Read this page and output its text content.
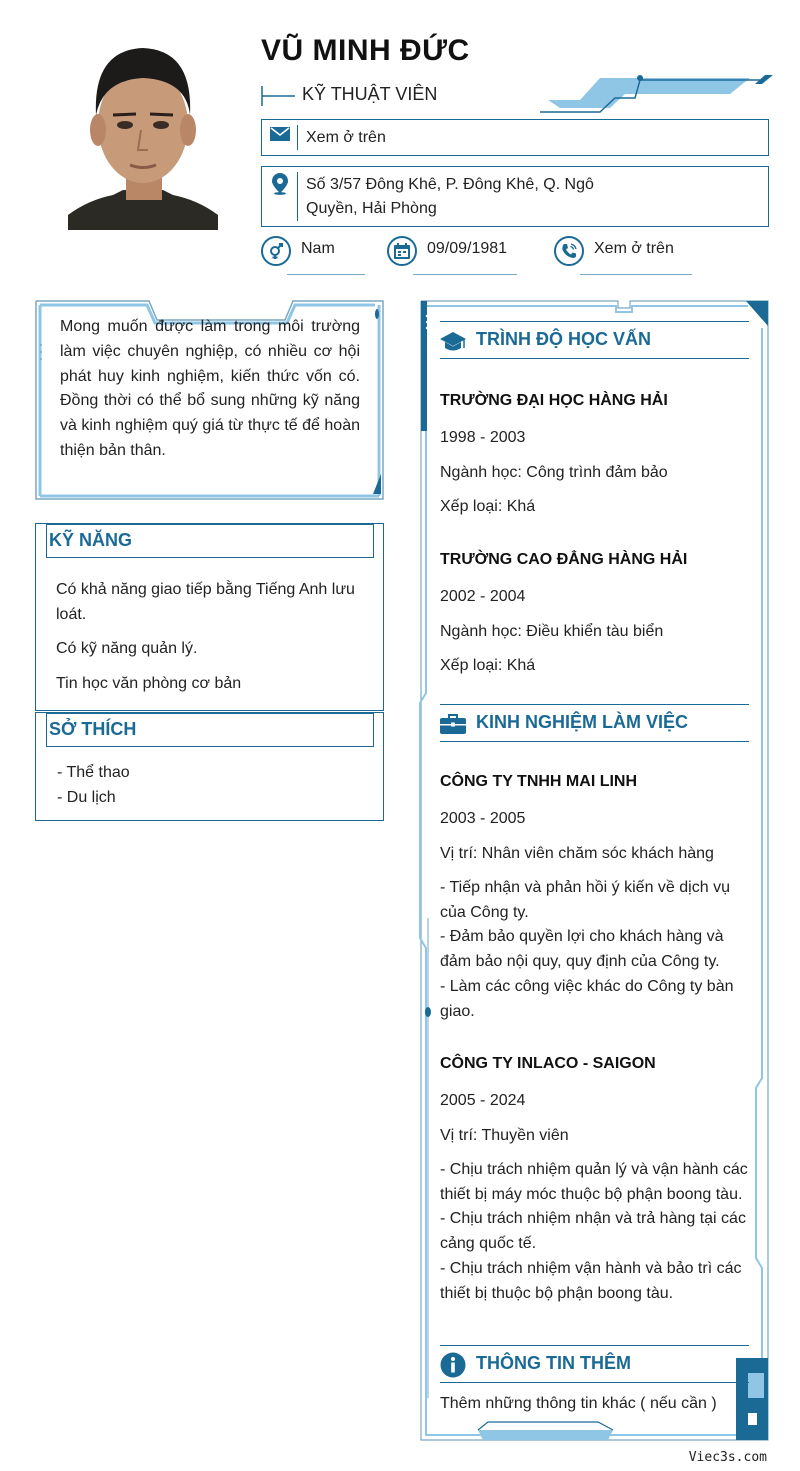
VŨ MINH ĐỨC
KỸ THUẬT VIÊN
Xem ở trên
Số 3/57 Đông Khê, P. Đông Khê, Q. Ngô
Quyền, Hải Phòng
Nam	09/09/1981	Xem ở trên
Mong muốn được làm trong môi trường làm việc chuyên nghiệp, có nhiều cơ hội phát huy kinh nghiệm, kiến thức vốn có. Đồng thời có thể bổ sung những kỹ năng và kinh nghiệm quý giá từ thực tế để hoàn thiện bản thân.
KỸ NĂNG
Có khả năng giao tiếp bằng Tiếng Anh lưu loát.
Có kỹ năng quản lý.
Tin học văn phòng cơ bản
SỞ THÍCH
- Thể thao
- Du lịch
TRÌNH ĐỘ HỌC VẤN
TRƯỜNG ĐẠI HỌC HÀNG HẢI
1998 - 2003
Ngành học: Công trình đảm bảo
Xếp loại: Khá
TRƯỜNG CAO ĐẲNG HÀNG HẢI
2002 - 2004
Ngành học: Điều khiển tàu biển
Xếp loại: Khá
KINH NGHIỆM LÀM VIỆC
CÔNG TY TNHH MAI LINH
2003 - 2005
Vị trí: Nhân viên chăm sóc khách hàng
- Tiếp nhận và phản hồi ý kiến về dịch vụ của Công ty.
- Đảm bảo quyền lợi cho khách hàng và đảm bảo nội quy, quy định của Công ty.
- Làm các công việc khác do Công ty bàn giao.
CÔNG TY INLACO - SAIGON
2005 - 2024
Vị trí: Thuyền viên
- Chịu trách nhiệm quản lý và vận hành các thiết bị máy móc thuộc bộ phận boong tàu.
- Chịu trách nhiệm nhận và trả hàng tại các cảng quốc tế.
- Chịu trách nhiệm vận hành và bảo trì các thiết bị thuộc bộ phận boong tàu.
THÔNG TIN THÊM
Thêm những thông tin khác ( nếu cần )
Viec3s.com
